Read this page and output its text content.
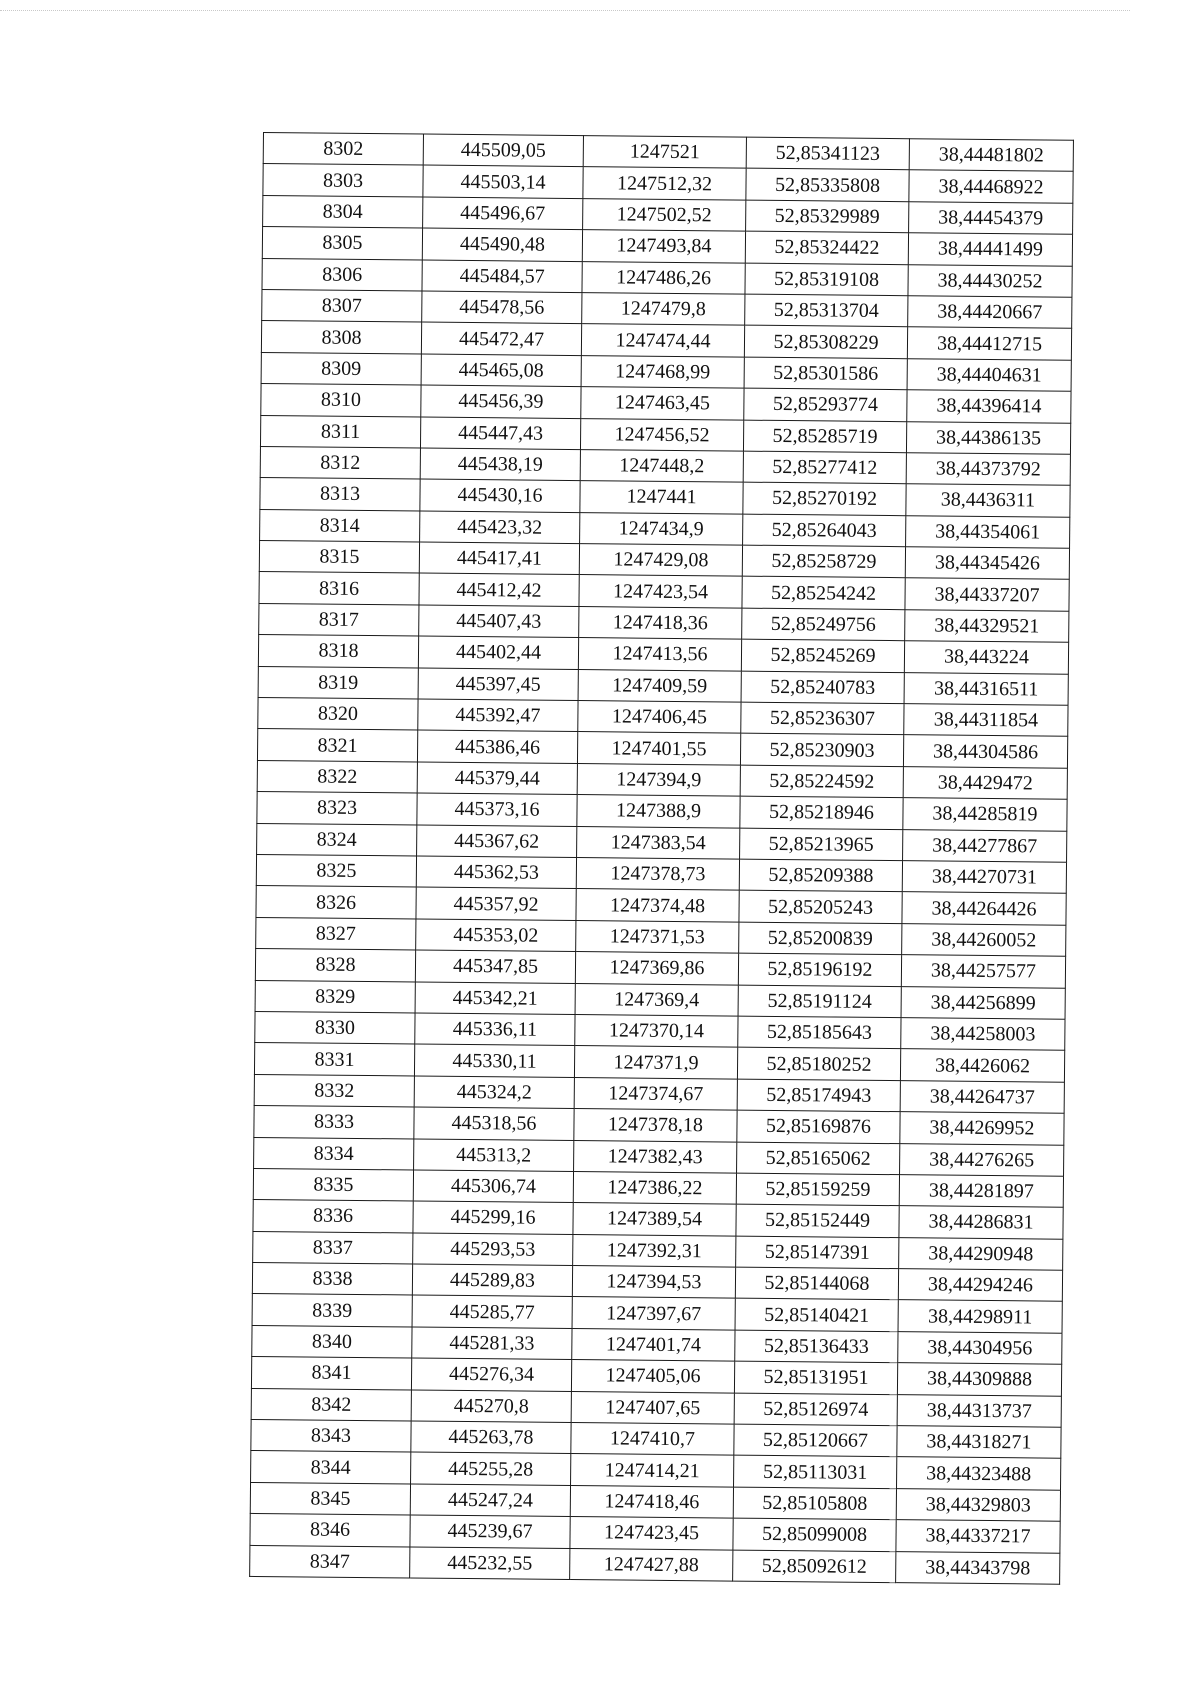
8302	445509,05	1247521	52,85341123	38,44481802
8303	445503,14	1247512,32	52,85335808	38,44468922
8304	445496,67	1247502,52	52,85329989	38,44454379
8305	445490,48	1247493,84	52,85324422	38,44441499
8306	445484,57	1247486,26	52,85319108	38,44430252
8307	445478,56	1247479,8	52,85313704	38,44420667
8308	445472,47	1247474,44	52,85308229	38,44412715
8309	445465,08	1247468,99	52,85301586	38,44404631
8310	445456,39	1247463,45	52,85293774	38,44396414
8311	445447,43	1247456,52	52,85285719	38,44386135
8312	445438,19	1247448,2	52,85277412	38,44373792
8313	445430,16	1247441	52,85270192	38,4436311
8314	445423,32	1247434,9	52,85264043	38,44354061
8315	445417,41	1247429,08	52,85258729	38,44345426
8316	445412,42	1247423,54	52,85254242	38,44337207
8317	445407,43	1247418,36	52,85249756	38,44329521
8318	445402,44	1247413,56	52,85245269	38,443224
8319	445397,45	1247409,59	52,85240783	38,44316511
8320	445392,47	1247406,45	52,85236307	38,44311854
8321	445386,46	1247401,55	52,85230903	38,44304586
8322	445379,44	1247394,9	52,85224592	38,4429472
8323	445373,16	1247388,9	52,85218946	38,44285819
8324	445367,62	1247383,54	52,85213965	38,44277867
8325	445362,53	1247378,73	52,85209388	38,44270731
8326	445357,92	1247374,48	52,85205243	38,44264426
8327	445353,02	1247371,53	52,85200839	38,44260052
8328	445347,85	1247369,86	52,85196192	38,44257577
8329	445342,21	1247369,4	52,85191124	38,44256899
8330	445336,11	1247370,14	52,85185643	38,44258003
8331	445330,11	1247371,9	52,85180252	38,4426062
8332	445324,2	1247374,67	52,85174943	38,44264737
8333	445318,56	1247378,18	52,85169876	38,44269952
8334	445313,2	1247382,43	52,85165062	38,44276265
8335	445306,74	1247386,22	52,85159259	38,44281897
8336	445299,16	1247389,54	52,85152449	38,44286831
8337	445293,53	1247392,31	52,85147391	38,44290948
8338	445289,83	1247394,53	52,85144068	38,44294246
8339	445285,77	1247397,67	52,85140421	38,44298911
8340	445281,33	1247401,74	52,85136433	38,44304956
8341	445276,34	1247405,06	52,85131951	38,44309888
8342	445270,8	1247407,65	52,85126974	38,44313737
8343	445263,78	1247410,7	52,85120667	38,44318271
8344	445255,28	1247414,21	52,85113031	38,44323488
8345	445247,24	1247418,46	52,85105808	38,44329803
8346	445239,67	1247423,45	52,85099008	38,44337217
8347	445232,55	1247427,88	52,85092612	38,44343798
